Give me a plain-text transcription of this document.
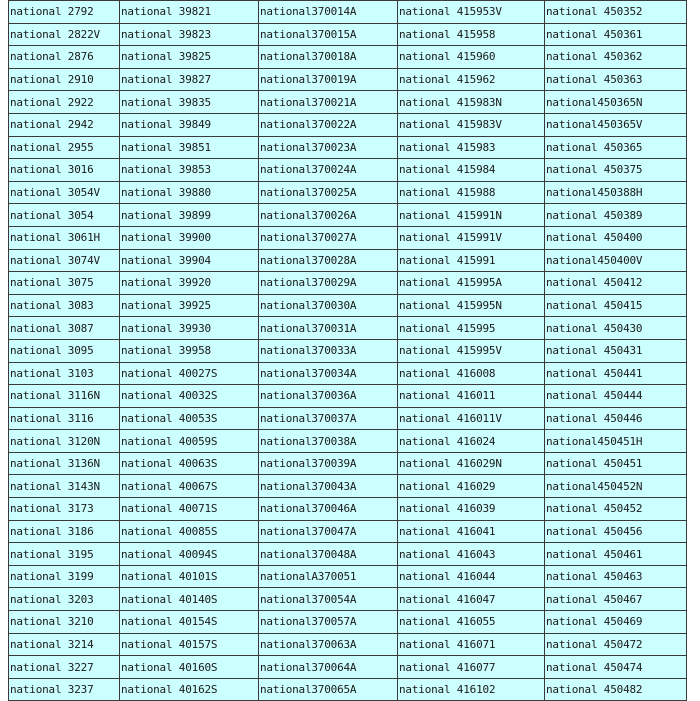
national 2792	national 39821	national370014A	national 415953V	national 450352
national 2822V	national 39823	national370015A	national 415958	national 450361
national 2876	national 39825	national370018A	national 415960	national 450362
national 2910	national 39827	national370019A	national 415962	national 450363
national 2922	national 39835	national370021A	national 415983N	national450365N
national 2942	national 39849	national370022A	national 415983V	national450365V
national 2955	national 39851	national370023A	national 415983	national 450365
national 3016	national 39853	national370024A	national 415984	national 450375
national 3054V	national 39880	national370025A	national 415988	national450388H
national 3054	national 39899	national370026A	national 415991N	national 450389
national 3061H	national 39900	national370027A	national 415991V	national 450400
national 3074V	national 39904	national370028A	national 415991	national450400V
national 3075	national 39920	national370029A	national 415995A	national 450412
national 3083	national 39925	national370030A	national 415995N	national 450415
national 3087	national 39930	national370031A	national 415995	national 450430
national 3095	national 39958	national370033A	national 415995V	national 450431
national 3103	national 40027S	national370034A	national 416008	national 450441
national 3116N	national 40032S	national370036A	national 416011	national 450444
national 3116	national 40053S	national370037A	national 416011V	national 450446
national 3120N	national 40059S	national370038A	national 416024	national450451H
national 3136N	national 40063S	national370039A	national 416029N	national 450451
national 3143N	national 40067S	national370043A	national 416029	national450452N
national 3173	national 40071S	national370046A	national 416039	national 450452
national 3186	national 40085S	national370047A	national 416041	national 450456
national 3195	national 40094S	national370048A	national 416043	national 450461
national 3199	national 40101S	nationalA370051	national 416044	national 450463
national 3203	national 40140S	national370054A	national 416047	national 450467
national 3210	national 40154S	national370057A	national 416055	national 450469
national 3214	national 40157S	national370063A	national 416071	national 450472
national 3227	national 40160S	national370064A	national 416077	national 450474
national 3237	national 40162S	national370065A	national 416102	national 450482
